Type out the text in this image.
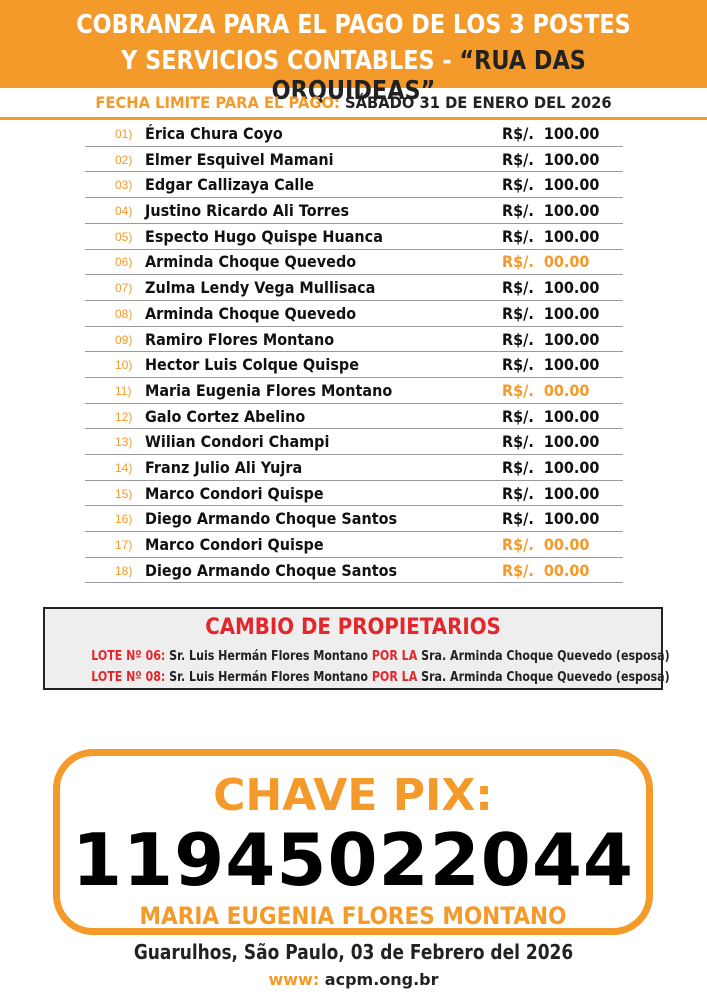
COBRANZA PARA EL PAGO DE LOS 3 POSTES
Y SERVICIOS CONTABLES - “RUA DAS ORQUIDEAS”
FECHA LIMITE PARA EL PAGO: SÁBADO 31 DE ENERO DEL 2026
01) Érica Chura Coyo	R$/.  100.00
02) Elmer Esquivel Mamani	R$/.  100.00
03) Edgar Callizaya Calle	R$/.  100.00
04) Justino Ricardo Ali Torres	R$/.  100.00
05) Especto Hugo Quispe Huanca	R$/.  100.00
06) Arminda Choque Quevedo	R$/.  00.00
07) Zulma Lendy Vega Mullisaca	R$/.  100.00
08) Arminda Choque Quevedo	R$/.  100.00
09) Ramiro Flores Montano	R$/.  100.00
10) Hector Luis Colque Quispe	R$/.  100.00
11) Maria Eugenia Flores Montano	R$/.  00.00
12) Galo Cortez Abelino	R$/.  100.00
13) Wilian Condori Champi	R$/.  100.00
14) Franz Julio Ali Yujra	R$/.  100.00
15) Marco Condori Quispe	R$/.  100.00
16) Diego Armando Choque Santos	R$/.  100.00
17) Marco Condori Quispe	R$/.  00.00
18) Diego Armando Choque Santos	R$/.  00.00
CAMBIO DE PROPIETARIOS
LOTE Nº 06: Sr. Luis Hermán Flores Montano POR LA Sra. Arminda Choque Quevedo (esposa)
LOTE Nº 08: Sr. Luis Hermán Flores Montano POR LA Sra. Arminda Choque Quevedo (esposa)
CHAVE PIX:
11945022044
MARIA EUGENIA FLORES MONTANO
Guarulhos, São Paulo, 03 de Febrero del 2026
www: acpm.ong.br
